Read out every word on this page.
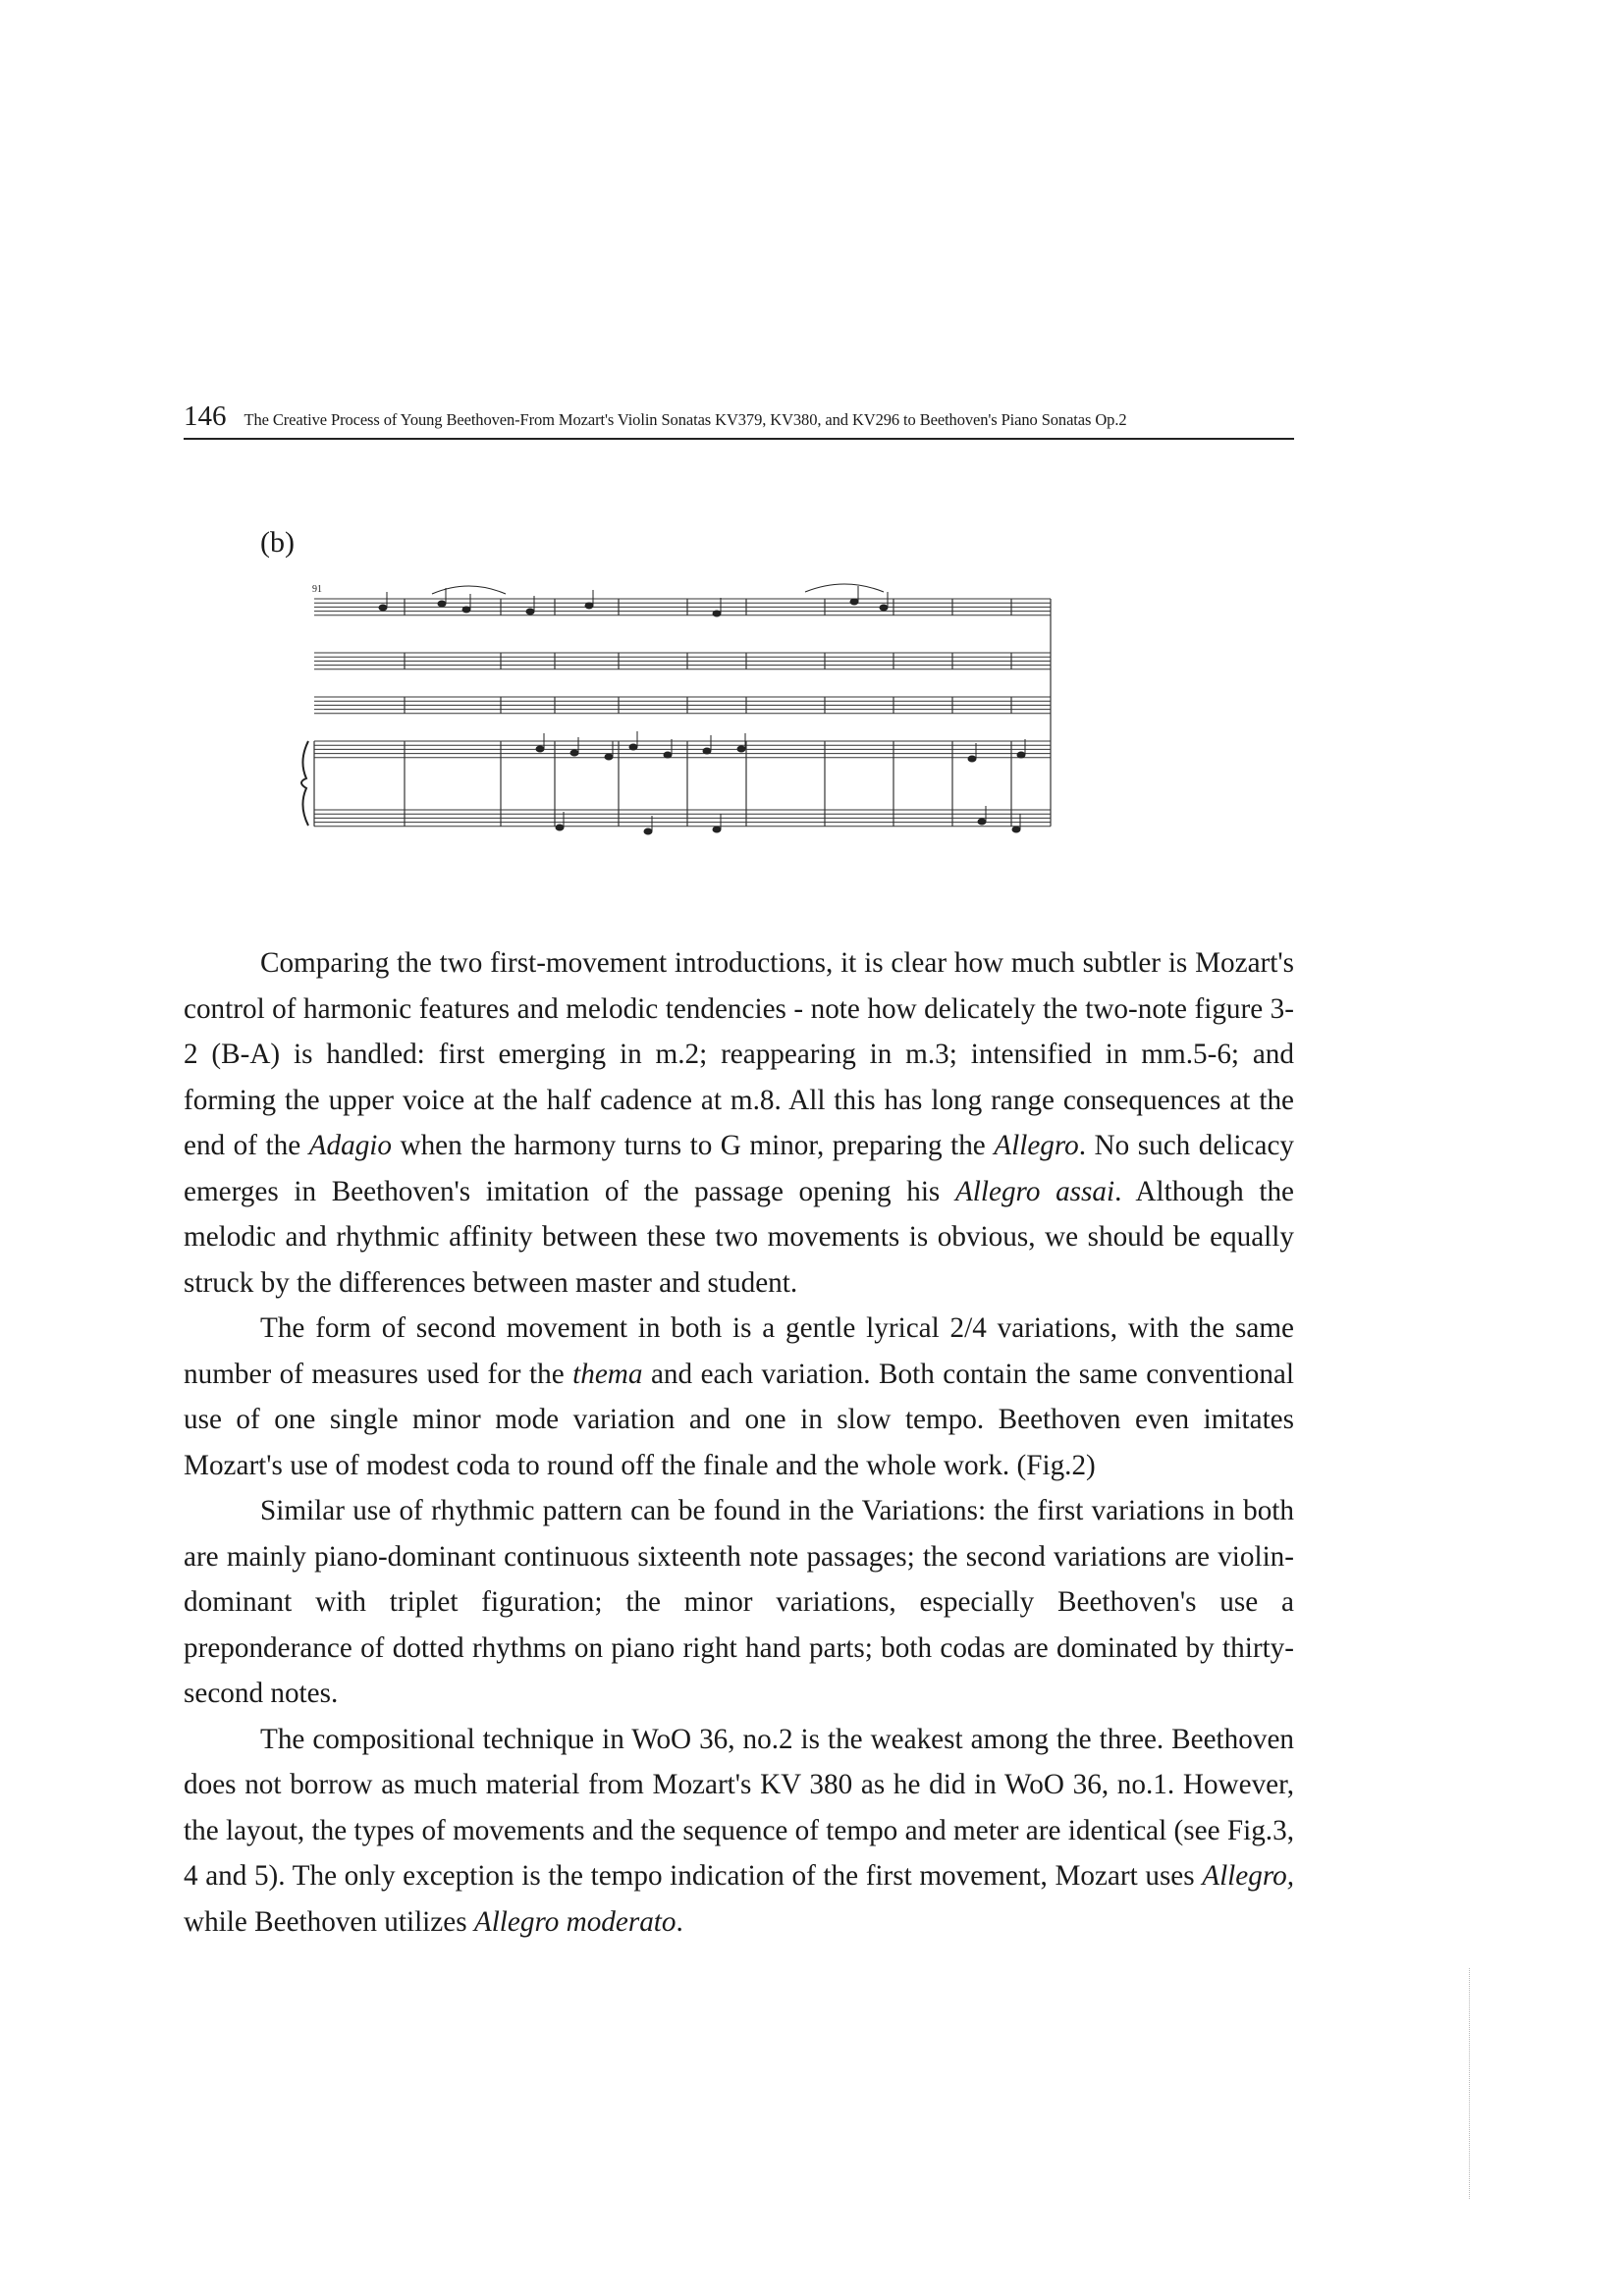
146 The Creative Process of Young Beethoven-From Mozart's Violin Sonatas KV379, KV380, and KV296 to Beethoven's Piano Sonatas Op.2
(b)
91

Comparing the two first-movement introductions, it is clear how much subtler is Mozart's control of harmonic features and melodic tendencies - note how delicately the two-note figure 3-2 (B-A) is handled: first emerging in m.2; reappearing in m.3; intensified in mm.5-6; and forming the upper voice at the half cadence at m.8. All this has long range consequences at the end of the Adagio when the harmony turns to G minor, preparing the Allegro. No such delicacy emerges in Beethoven's imitation of the passage opening his Allegro assai. Although the melodic and rhythmic affinity between these two movements is obvious, we should be equally struck by the differences between master and student.

The form of second movement in both is a gentle lyrical 2/4 variations, with the same number of measures used for the thema and each variation. Both contain the same conventional use of one single minor mode variation and one in slow tempo. Beethoven even imitates Mozart's use of modest coda to round off the finale and the whole work. (Fig.2)

Similar use of rhythmic pattern can be found in the Variations: the first variations in both are mainly piano-dominant continuous sixteenth note passages; the second variations are violin-dominant with triplet figuration; the minor variations, especially Beethoven's use a preponderance of dotted rhythms on piano right hand parts; both codas are dominated by thirty-second notes.

The compositional technique in WoO 36, no.2 is the weakest among the three. Beethoven does not borrow as much material from Mozart's KV 380 as he did in WoO 36, no.1. However, the layout, the types of movements and the sequence of tempo and meter are identical (see Fig.3, 4 and 5). The only exception is the tempo indication of the first movement, Mozart uses Allegro, while Beethoven utilizes Allegro moderato.
